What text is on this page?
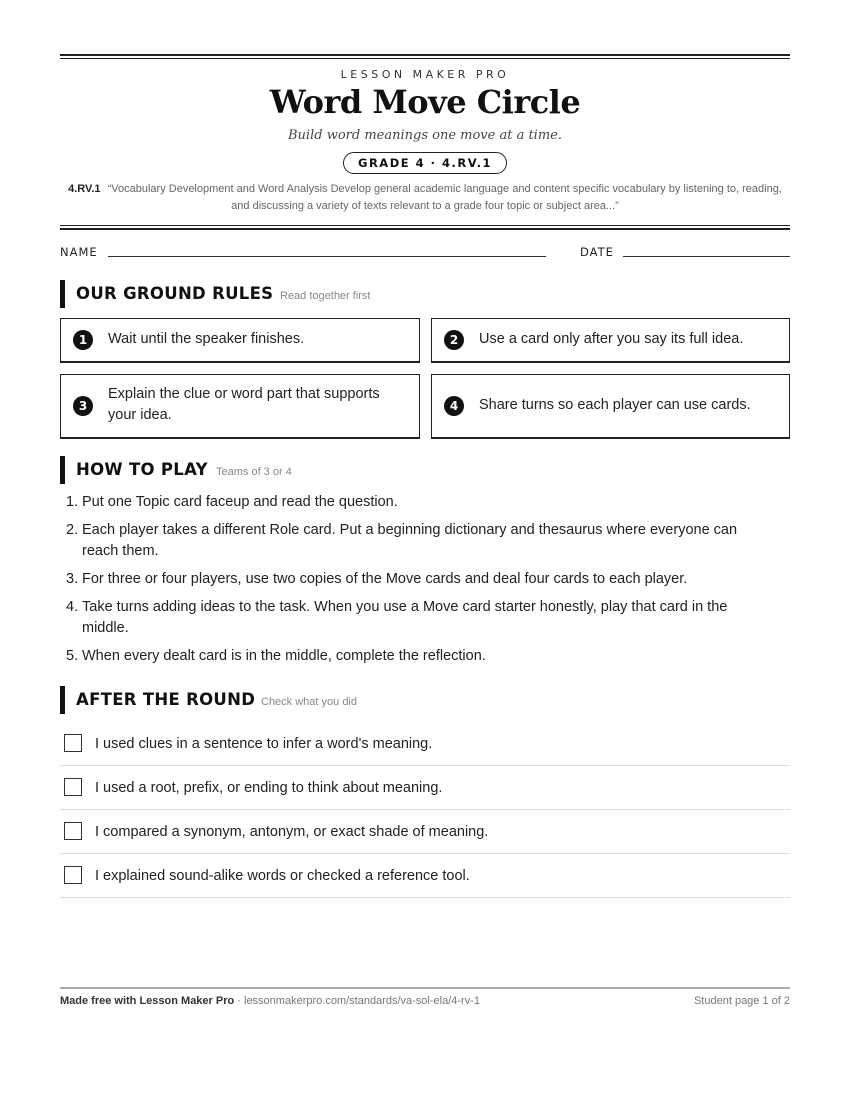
LESSON MAKER PRO
Word Move Circle
Build word meanings one move at a time.
GRADE 4 · 4.RV.1
4.RV.1 “Vocabulary Development and Word Analysis Develop general academic language and content specific vocabulary by listening to, reading, and discussing a variety of texts relevant to a grade four topic or subject area...”
NAME	DATE
OUR GROUND RULES Read together first
1	Wait until the speaker finishes.	2	Use a card only after you say its full idea.
3
Explain the clue or word part that supports your idea.
4	Share turns so each player can use cards.
HOW TO PLAY Teams of 3 or 4
1. Put one Topic card faceup and read the question.
2. Each player takes a different Role card. Put a beginning dictionary and thesaurus where everyone can reach them.
3. For three or four players, use two copies of the Move cards and deal four cards to each player.
4. Take turns adding ideas to the task. When you use a Move card starter honestly, play that card in the middle.
5. When every dealt card is in the middle, complete the reflection.
AFTER THE ROUND Check what you did
I used clues in a sentence to infer a word's meaning.
I used a root, prefix, or ending to think about meaning.
I compared a synonym, antonym, or exact shade of meaning.
I explained sound-alike words or checked a reference tool.
Made free with Lesson Maker Pro · lessonmakerpro.com/standards/va-sol-ela/4-rv-1	Student page 1 of 2
